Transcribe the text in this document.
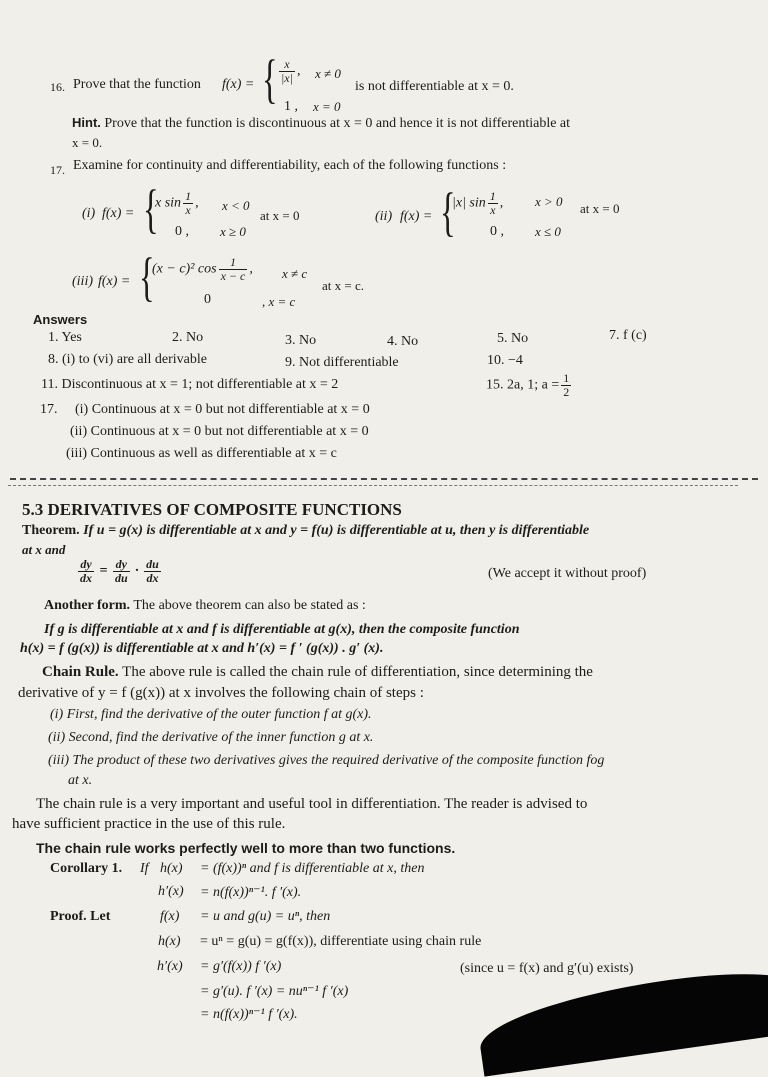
16. Prove that the function f(x) = { $\frac{x}{|x|}$ , x ≠ 0
1 , x = 0
is not differentiable at x = 0.
Hint. Prove that the function is discontinuous at x = 0 and hence it is not differentiable at
x = 0.
17. Examine for continuity and differentiability, each of the following functions :
(i) f(x) = {
x $\sin \frac{1}{x}$ , x < 0
0 , x ≥ 0
at x = 0	(ii) f(x) = {
|x| $\sin \frac{1}{x}$ , x > 0
0 , x ≤ 0
at x = 0
(iii) f(x) = {
(x − c)² $\cos \frac{1}{x - c}$ , x ≠ c
0	, x = c
at x = c.
Answers
1. Yes	2. No	3. No	4. No	5. No	7. f (c)
8. (i) to (vi) are all derivable	9. Not differentiable	10. −4
11. Discontinuous at x = 1; not differentiable at x = 2	15. 2a, 1; $a = \frac{1}{2}$
17. (i) Continuous at x = 0 but not differentiable at x = 0
(ii) Continuous at x = 0 but not differentiable at x = 0
(iii) Continuous as well as differentiable at x = c
5.3 DERIVATIVES OF COMPOSITE FUNCTIONS
Theorem. If u = g(x) is differentiable at x and y = f(u) is differentiable at u, then y is differentiable
at x and
$\frac{dy}{dx} = \frac{dy}{du} \cdot \frac{du}{dx}$	(We accept it without proof)
Another form. The above theorem can also be stated as :
If g is differentiable at x and f is differentiable at g(x), then the composite function
h(x) = f (g(x)) is differentiable at x and h′(x) = f ′ (g(x)) . g′ (x).
Chain Rule. The above rule is called the chain rule of differentiation, since determining the
derivative of y = f (g(x)) at x involves the following chain of steps :
(i) First, find the derivative of the outer function f at g(x).
(ii) Second, find the derivative of the inner function g at x.
(iii) The product of these two derivatives gives the required derivative of the composite function fog
at x.
The chain rule is a very important and useful tool in differentiation. The reader is advised to
have sufficient practice in the use of this rule.
The chain rule works perfectly well to more than two functions.
Corollary 1. If h(x) = (f(x))ⁿ and f is differentiable at x, then
h′(x) = n(f(x))ⁿ⁻¹. f ′(x).
Proof. Let	f(x) = u and g(u) = uⁿ, then
h(x) = uⁿ = g(u) = g(f(x)), differentiate using chain rule
h′(x) = g′(f(x)) f ′(x)	(since u = f(x) and g′(u) exists)
= g′(u). f ′(x) = nuⁿ⁻¹ f ′(x)
= n(f(x))ⁿ⁻¹ f ′(x).
